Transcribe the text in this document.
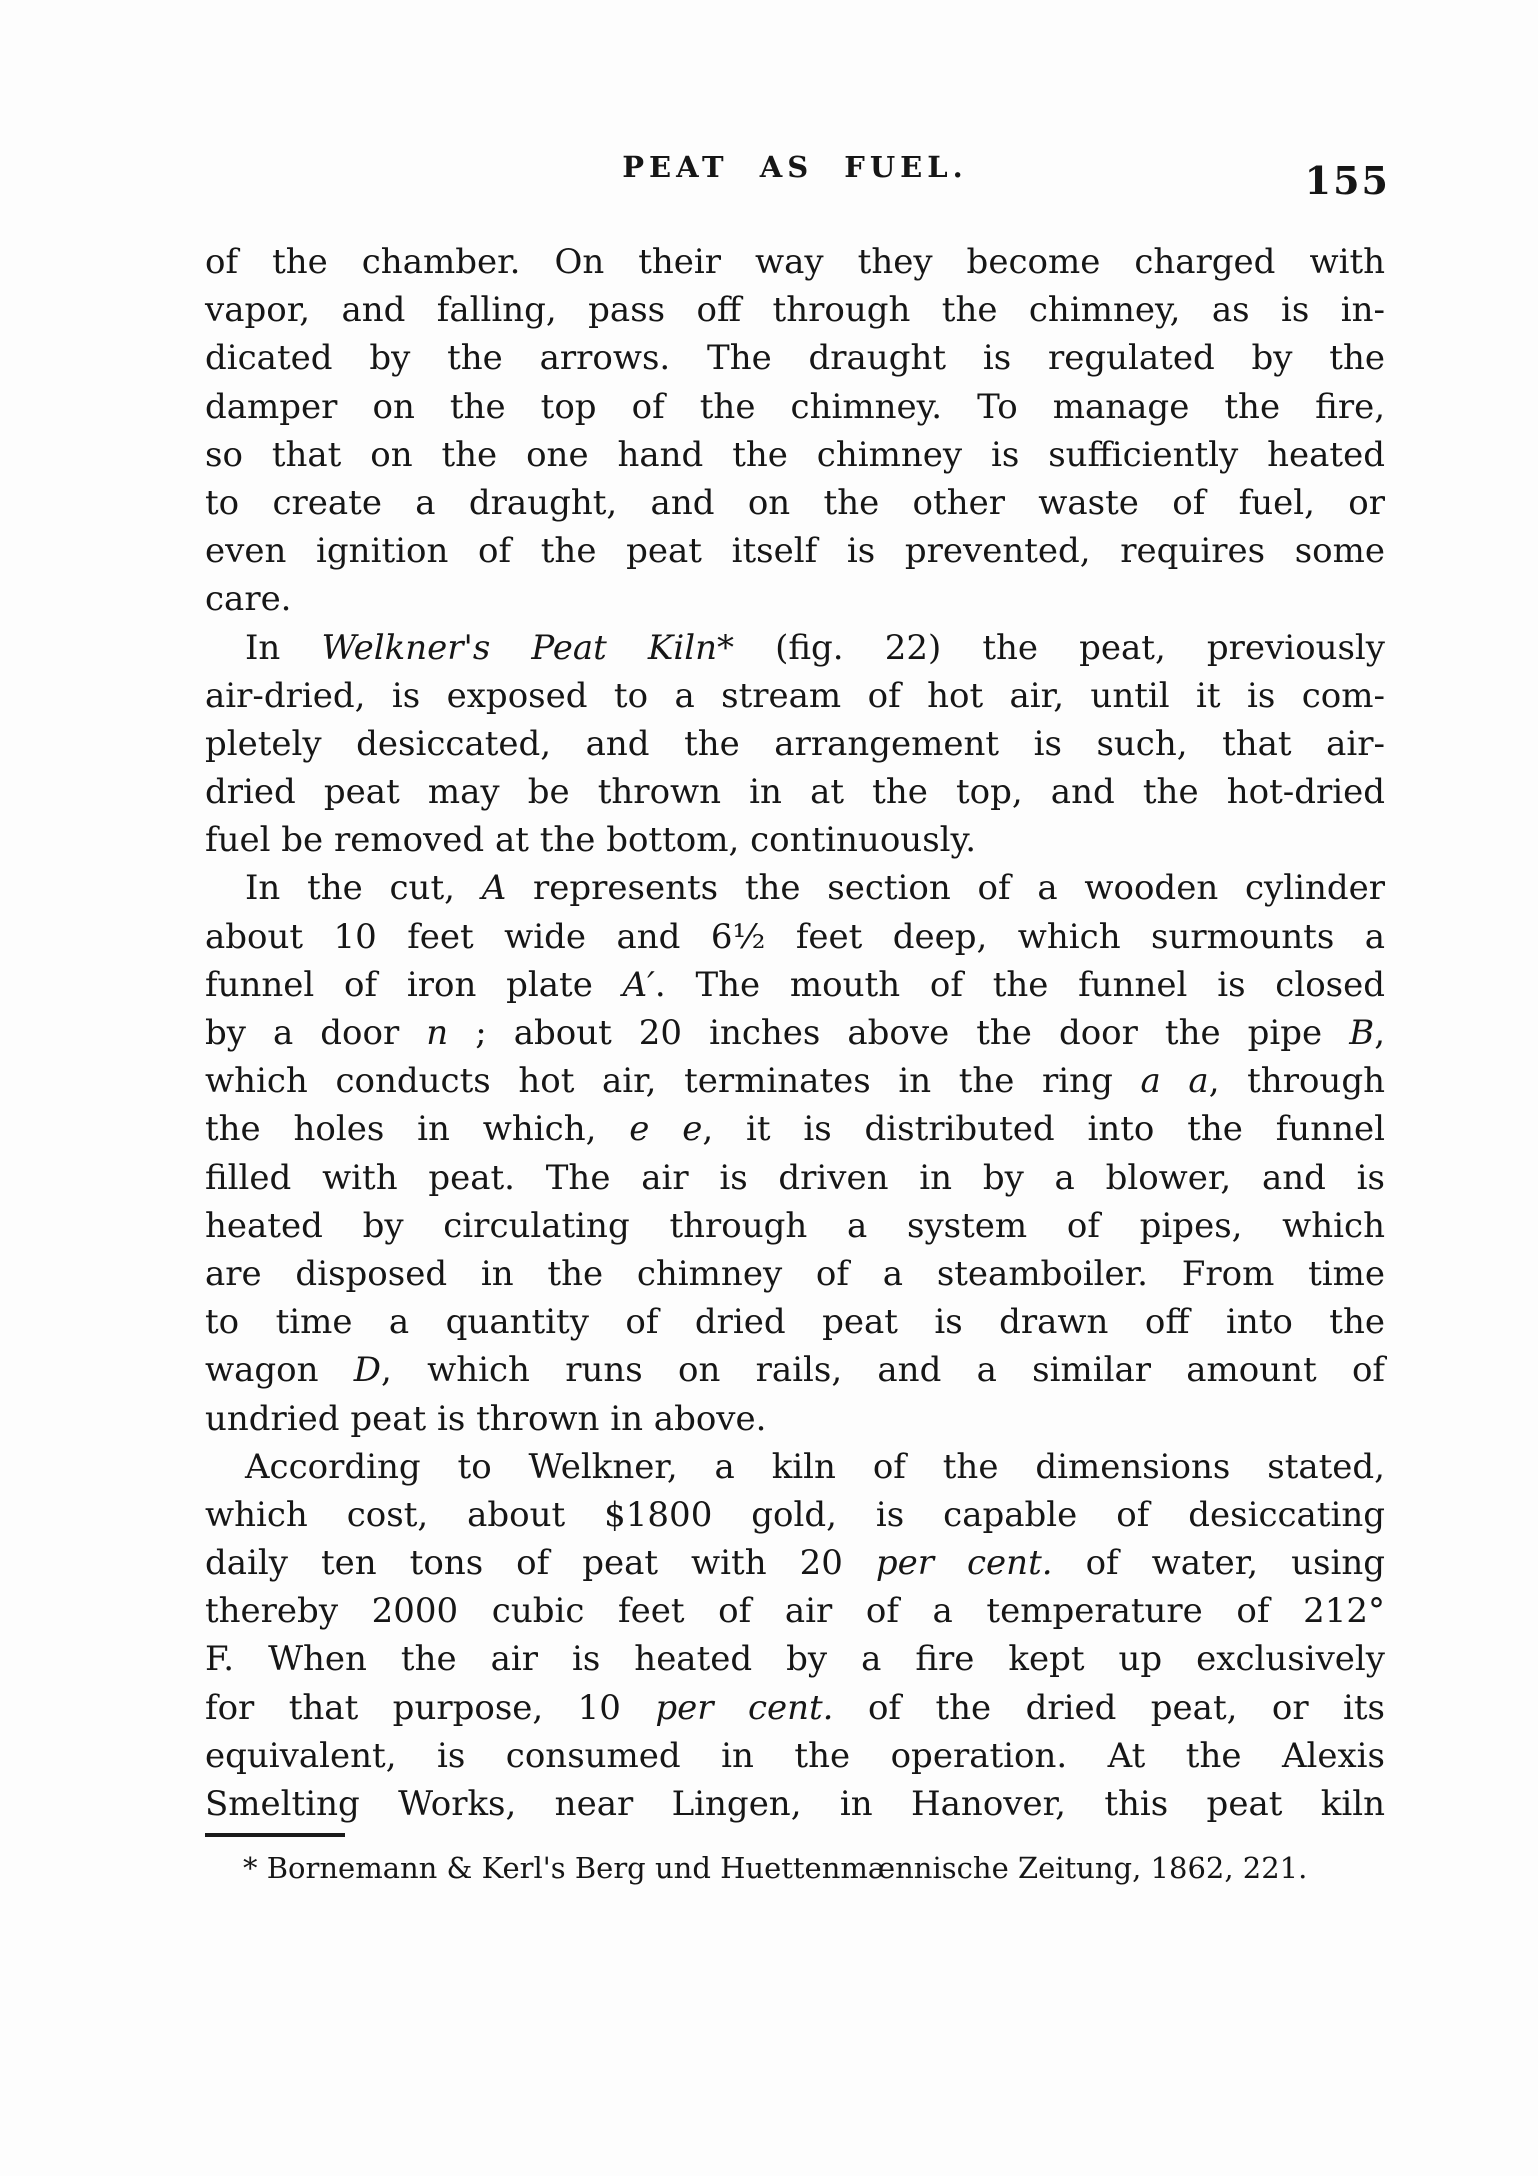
PEAT AS FUEL.	155
of the chamber. On their way they become charged with
vapor, and falling, pass off through the chimney, as is in-
dicated by the arrows. The draught is regulated by the
damper on the top of the chimney. To manage the fire,
so that on the one hand the chimney is sufficiently heated
to create a draught, and on the other waste of fuel, or
even ignition of the peat itself is prevented, requires some
care.
In Welkner's Peat Kiln* (fig. 22) the peat, previously
air-dried, is exposed to a stream of hot air, until it is com-
pletely desiccated, and the arrangement is such, that air-
dried peat may be thrown in at the top, and the hot-dried
fuel be removed at the bottom, continuously.
In the cut, A represents the section of a wooden cylinder
about 10 feet wide and 6½ feet deep, which surmounts a
funnel of iron plate A′. The mouth of the funnel is closed
by a door n ; about 20 inches above the door the pipe B,
which conducts hot air, terminates in the ring a a, through
the holes in which, e e, it is distributed into the funnel
filled with peat. The air is driven in by a blower, and is
heated by circulating through a system of pipes, which
are disposed in the chimney of a steamboiler. From time
to time a quantity of dried peat is drawn off into the
wagon D, which runs on rails, and a similar amount of
undried peat is thrown in above.
According to Welkner, a kiln of the dimensions stated,
which cost, about $1800 gold, is capable of desiccating
daily ten tons of peat with 20 per cent. of water, using
thereby 2000 cubic feet of air of a temperature of 212°
F. When the air is heated by a fire kept up exclusively
for that purpose, 10 per cent. of the dried peat, or its
equivalent, is consumed in the operation. At the Alexis
Smelting Works, near Lingen, in Hanover, this peat kiln
* Bornemann & Kerl's Berg und Huettenmænnische Zeitung, 1862, 221.
